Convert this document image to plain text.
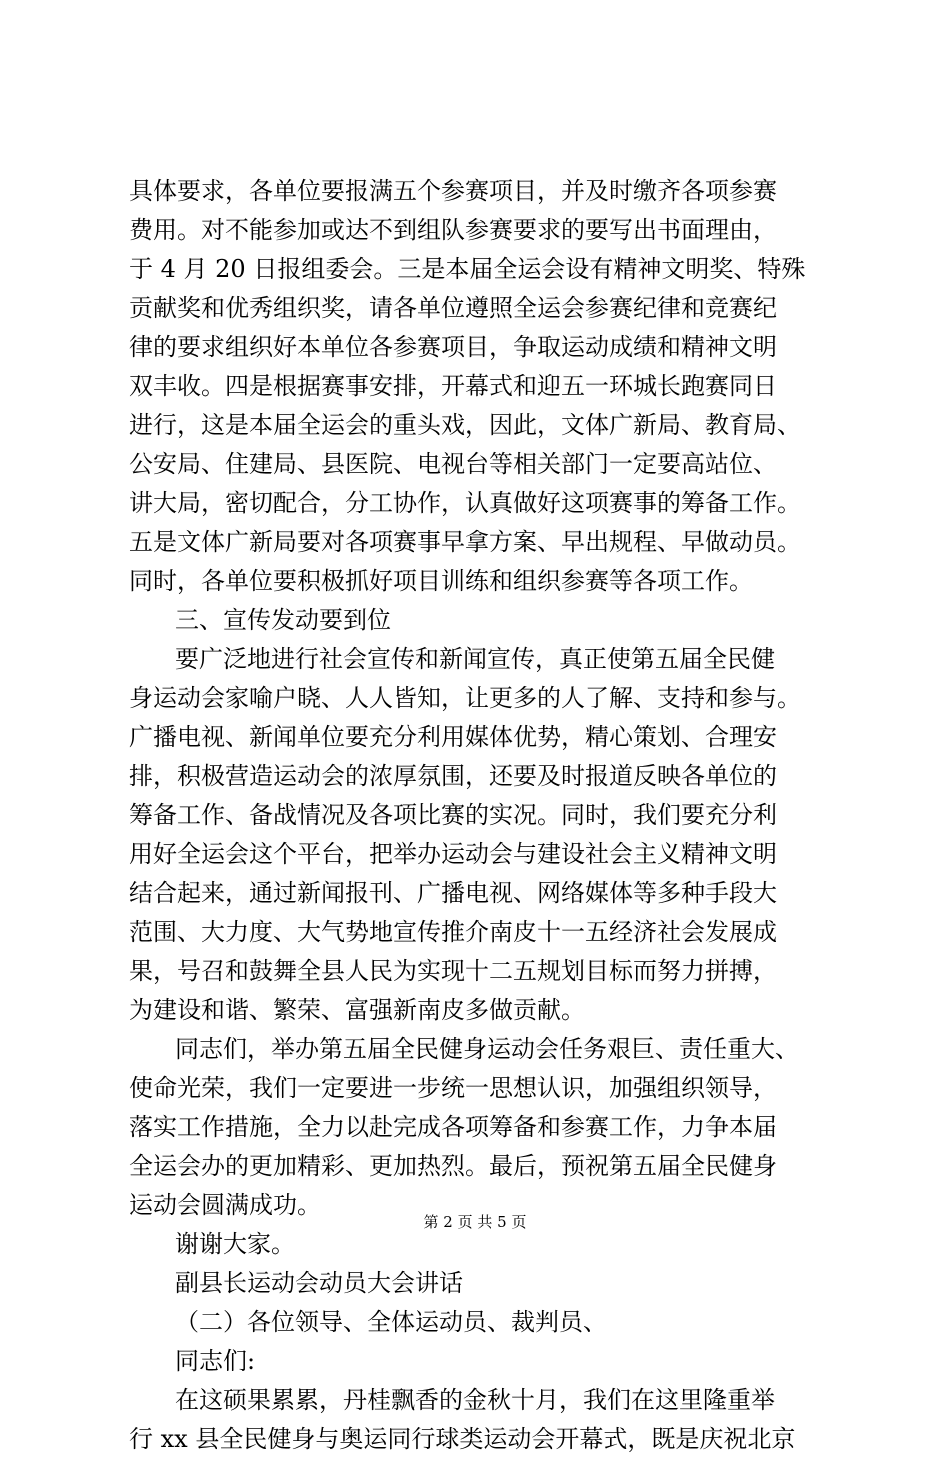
具体要求，各单位要报满五个参赛项目，并及时缴齐各项参赛
费用。对不能参加或达不到组队参赛要求的要写出书面理由，
于 4 月 20 日报组委会。三是本届全运会设有精神文明奖、特殊
贡献奖和优秀组织奖，请各单位遵照全运会参赛纪律和竞赛纪
律的要求组织好本单位各参赛项目，争取运动成绩和精神文明
双丰收。四是根据赛事安排，开幕式和迎五一环城长跑赛同日
进行，这是本届全运会的重头戏，因此，文体广新局、教育局、
公安局、住建局、县医院、电视台等相关部门一定要高站位、
讲大局，密切配合，分工协作，认真做好这项赛事的筹备工作。
五是文体广新局要对各项赛事早拿方案、早出规程、早做动员。
同时，各单位要积极抓好项目训练和组织参赛等各项工作。
三、宣传发动要到位
要广泛地进行社会宣传和新闻宣传，真正使第五届全民健
身运动会家喻户晓、人人皆知，让更多的人了解、支持和参与。
广播电视、新闻单位要充分利用媒体优势，精心策划、合理安
排，积极营造运动会的浓厚氛围，还要及时报道反映各单位的
筹备工作、备战情况及各项比赛的实况。同时，我们要充分利
用好全运会这个平台，把举办运动会与建设社会主义精神文明
结合起来，通过新闻报刊、广播电视、网络媒体等多种手段大
范围、大力度、大气势地宣传推介南皮十一五经济社会发展成
果，号召和鼓舞全县人民为实现十二五规划目标而努力拼搏，
为建设和谐、繁荣、富强新南皮多做贡献。
同志们，举办第五届全民健身运动会任务艰巨、责任重大、
使命光荣，我们一定要进一步统一思想认识，加强组织领导，
落实工作措施，全力以赴完成各项筹备和参赛工作，力争本届
全运会办的更加精彩、更加热烈。最后，预祝第五届全民健身
运动会圆满成功。
谢谢大家。
副县长运动会动员大会讲话
（二）各位领导、全体运动员、裁判员、
同志们:
在这硕果累累，丹桂飘香的金秋十月，我们在这里隆重举
行 xx 县全民健身与奥运同行球类运动会开幕式，既是庆祝北京
第 2 页 共 5 页
